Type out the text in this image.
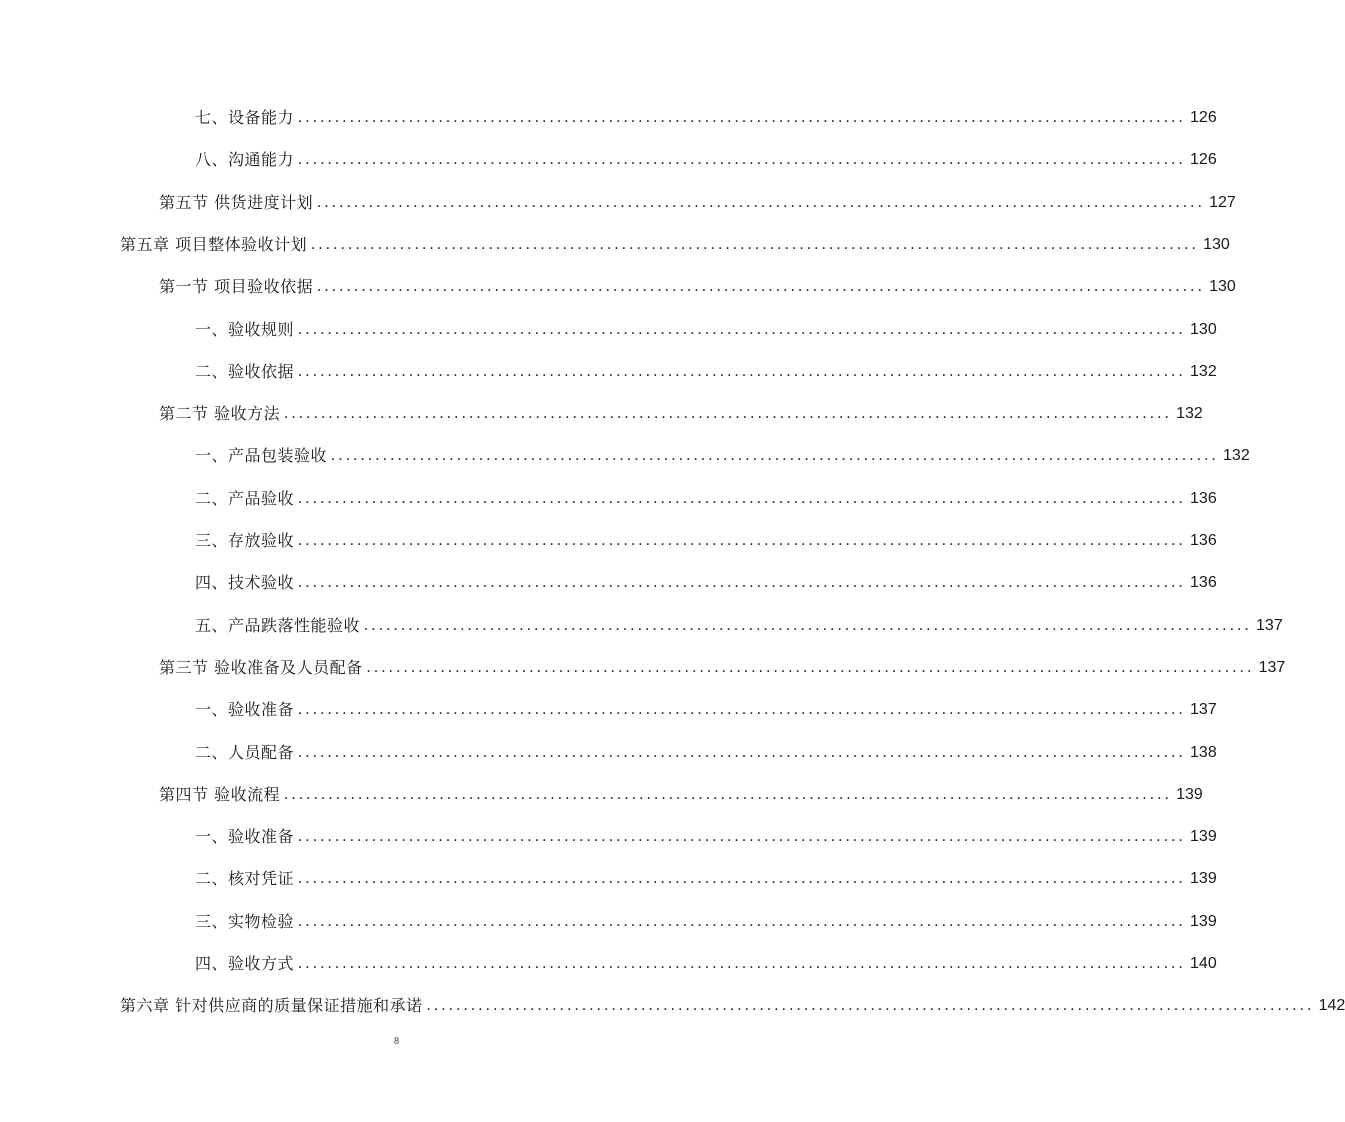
七、设备能力 ........................................................................................................................ 126
八、沟通能力 ........................................................................................................................ 126
第五节 供货进度计划 ........................................................................................................................ 127
第五章 项目整体验收计划 ........................................................................................................................ 130
第一节 项目验收依据 ........................................................................................................................ 130
一、验收规则 ........................................................................................................................ 130
二、验收依据 ........................................................................................................................ 132
第二节 验收方法 ........................................................................................................................ 132
一、产品包装验收 ........................................................................................................................ 132
二、产品验收 ........................................................................................................................ 136
三、存放验收 ........................................................................................................................ 136
四、技术验收 ........................................................................................................................ 136
五、产品跌落性能验收 ........................................................................................................................ 137
第三节 验收准备及人员配备 ........................................................................................................................ 137
一、验收准备 ........................................................................................................................ 137
二、人员配备 ........................................................................................................................ 138
第四节 验收流程 ........................................................................................................................ 139
一、验收准备 ........................................................................................................................ 139
二、核对凭证 ........................................................................................................................ 139
三、实物检验 ........................................................................................................................ 139
四、验收方式 ........................................................................................................................ 140
第六章 针对供应商的质量保证措施和承诺 ........................................................................................................................ 142
8
